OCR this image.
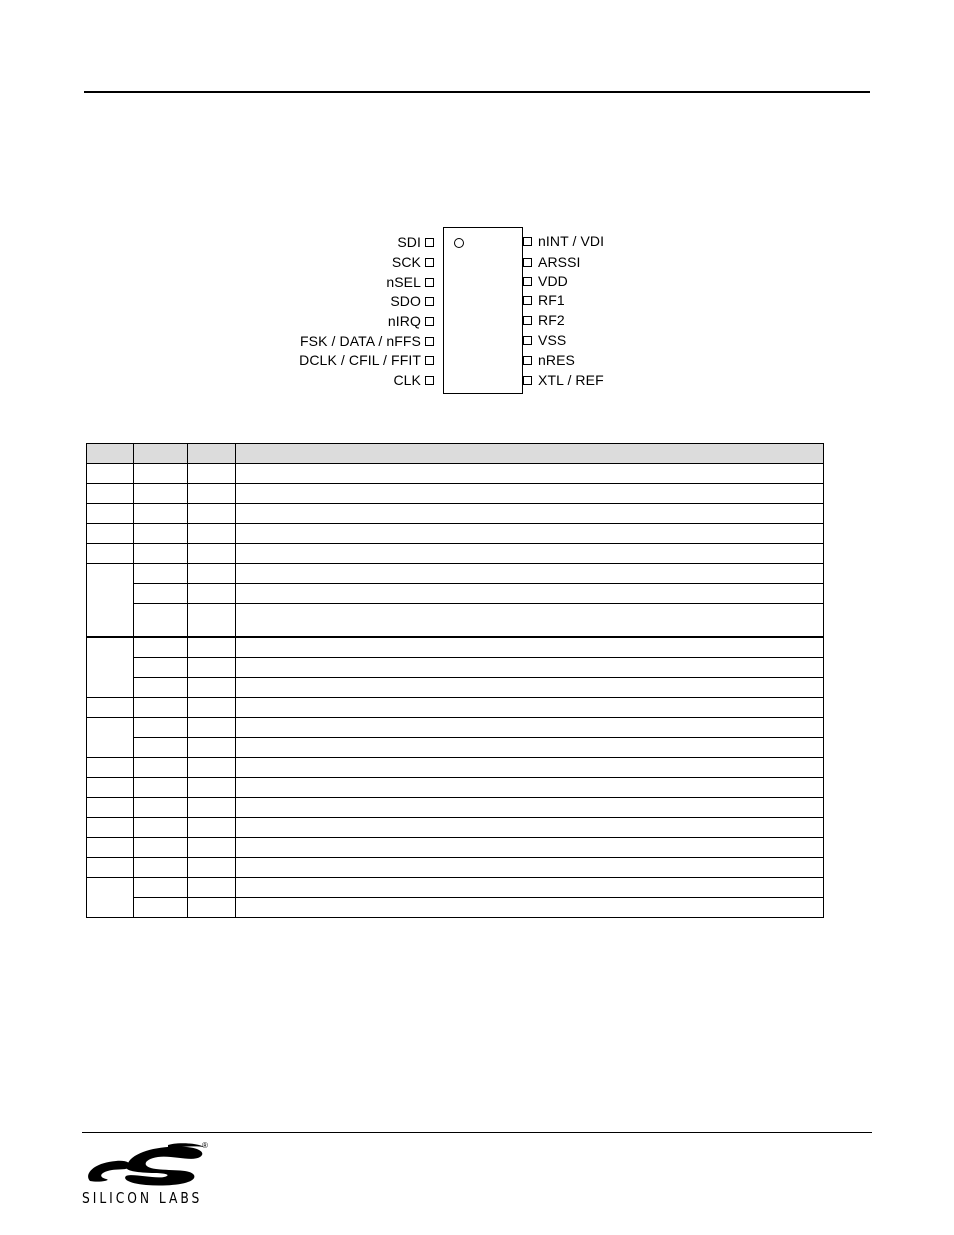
SDI
SCK
nSEL
SDO
nIRQ
FSK / DATA / nFFS
DCLK / CFIL / FFIT
CLK
nINT / VDI
ARSSI
VDD
RF1
RF2
VSS
nRES
XTL / REF

®
SILICON LABS
